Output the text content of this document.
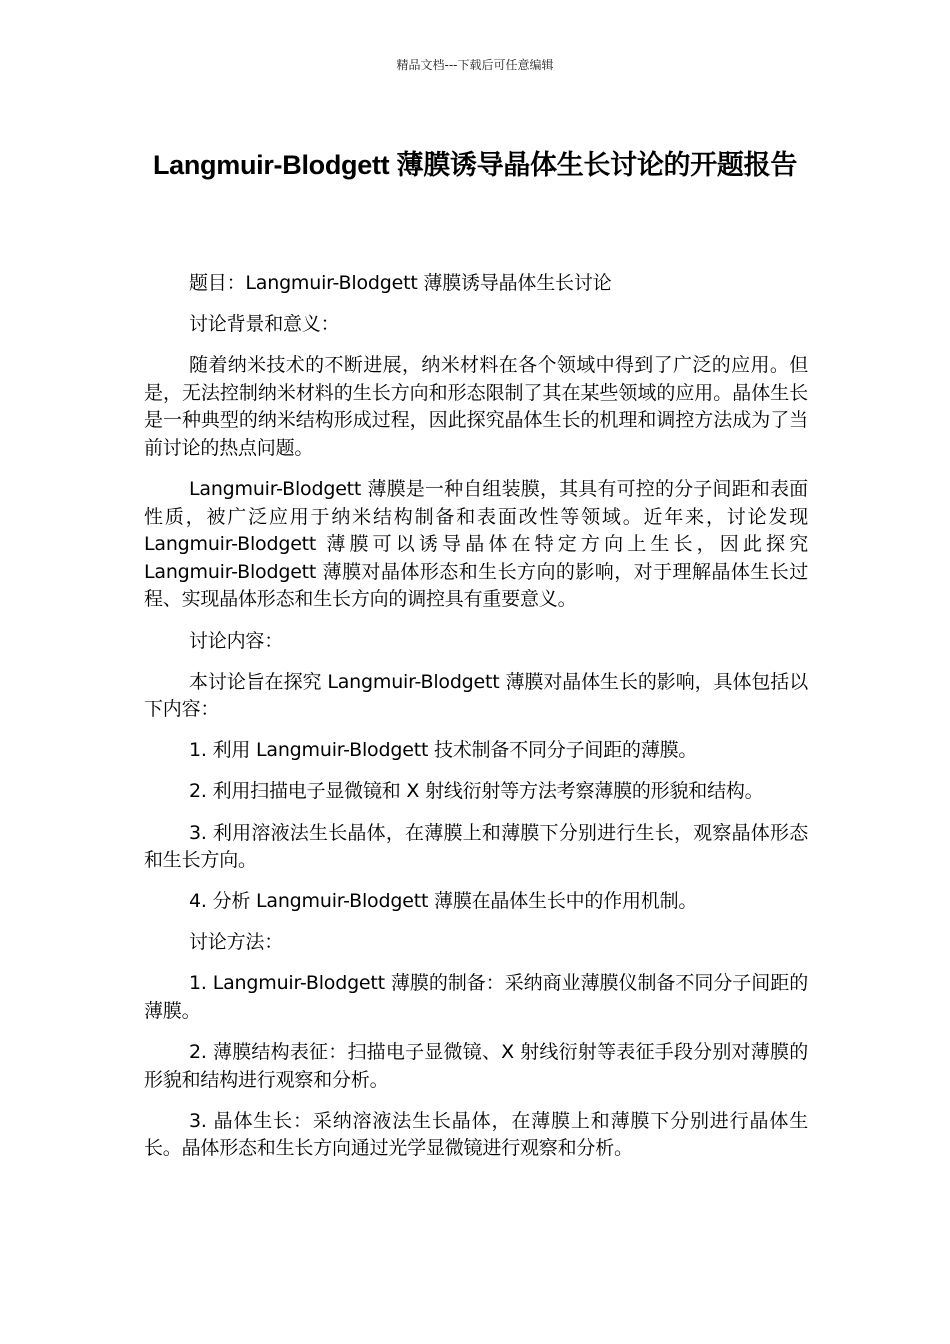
精品文档---下载后可任意编辑
Langmuir-Blodgett 薄膜诱导晶体生长讨论的开题报告

题目：Langmuir-Blodgett 薄膜诱导晶体生长讨论

讨论背景和意义：

随着纳米技术的不断进展，纳米材料在各个领域中得到了广泛的应用。但是，无法控制纳米材料的生长方向和形态限制了其在某些领域的应用。晶体生长是一种典型的纳米结构形成过程，因此探究晶体生长的机理和调控方法成为了当前讨论的热点问题。

Langmuir-Blodgett 薄膜是一种自组装膜，其具有可控的分子间距和表面性质，被广泛应用于纳米结构制备和表面改性等领域。近年来，讨论发现 Langmuir-Blodgett 薄膜可以诱导晶体在特定方向上生长，因此探究 Langmuir-Blodgett 薄膜对晶体形态和生长方向的影响，对于理解晶体生长过程、实现晶体形态和生长方向的调控具有重要意义。

讨论内容：

本讨论旨在探究 Langmuir-Blodgett 薄膜对晶体生长的影响，具体包括以下内容：

1. 利用 Langmuir-Blodgett 技术制备不同分子间距的薄膜。

2. 利用扫描电子显微镜和 X 射线衍射等方法考察薄膜的形貌和结构。

3. 利用溶液法生长晶体，在薄膜上和薄膜下分别进行生长，观察晶体形态和生长方向。

4. 分析 Langmuir-Blodgett 薄膜在晶体生长中的作用机制。

讨论方法：

1. Langmuir-Blodgett 薄膜的制备：采纳商业薄膜仪制备不同分子间距的薄膜。

2. 薄膜结构表征：扫描电子显微镜、X 射线衍射等表征手段分别对薄膜的形貌和结构进行观察和分析。

3. 晶体生长：采纳溶液法生长晶体，在薄膜上和薄膜下分别进行晶体生长。晶体形态和生长方向通过光学显微镜进行观察和分析。
